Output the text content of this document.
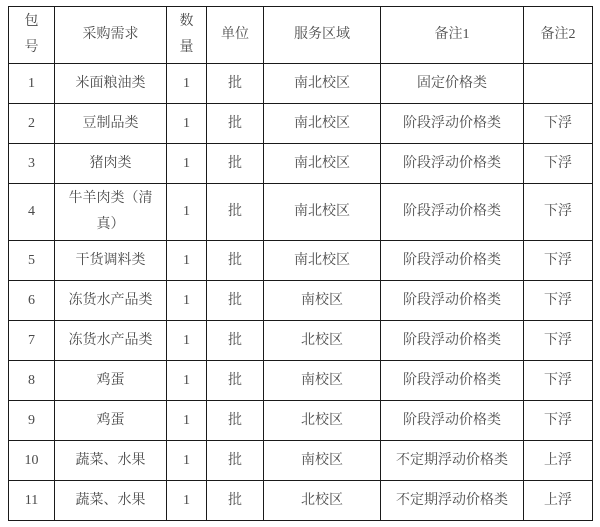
包号	采购需求	数量	单位	服务区域	备注1	备注2
1	米面粮油类	1	批	南北校区	固定价格类	
2	豆制品类	1	批	南北校区	阶段浮动价格类	下浮
3	猪肉类	1	批	南北校区	阶段浮动价格类	下浮
4	牛羊肉类（清真）	1	批	南北校区	阶段浮动价格类	下浮
5	干货调料类	1	批	南北校区	阶段浮动价格类	下浮
6	冻货水产品类	1	批	南校区	阶段浮动价格类	下浮
7	冻货水产品类	1	批	北校区	阶段浮动价格类	下浮
8	鸡蛋	1	批	南校区	阶段浮动价格类	下浮
9	鸡蛋	1	批	北校区	阶段浮动价格类	下浮
10	蔬菜、水果	1	批	南校区	不定期浮动价格类	上浮
11	蔬菜、水果	1	批	北校区	不定期浮动价格类	上浮
